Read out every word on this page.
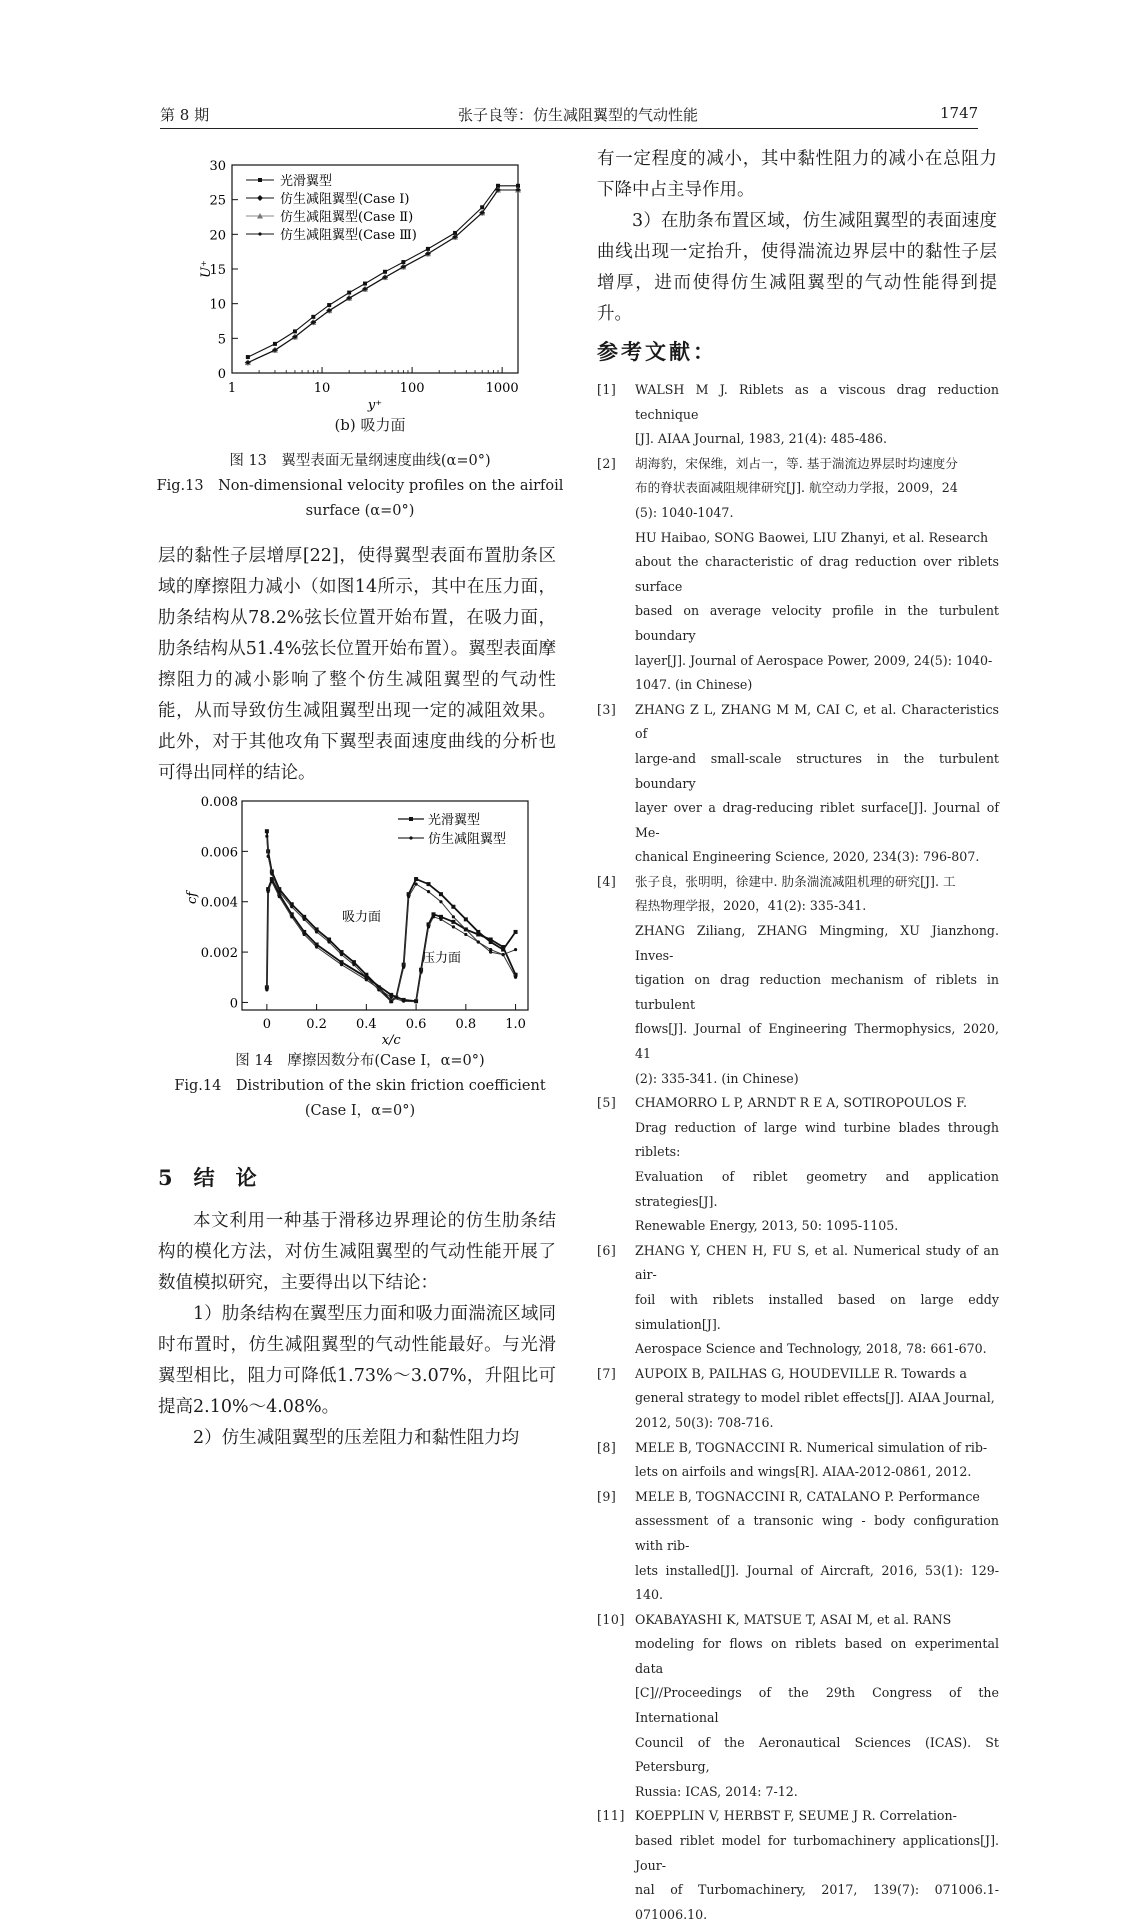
第 8 期	张子良等：仿生减阻翼型的气动性能	1747
1	10	100	1000
0
5
10
15
20
25
30
y⁺
U⁺
光滑翼型
仿生减阻翼型(Case Ⅰ)
仿生减阻翼型(Case Ⅱ)
仿生减阻翼型(Case Ⅲ)
(b) 吸力面
图 13　翼型表面无量纲速度曲线(α=0°)
Fig.13　Non-dimensional velocity profiles on the airfoil
surface (α=0°)

层的黏性子层增厚[22]，使得翼型表面布置肋条区域的摩擦阻力减小（如图14所示，其中在压力面，肋条结构从78.2%弦长位置开始布置，在吸力面，肋条结构从51.4%弦长位置开始布置）。翼型表面摩擦阻力的减小影响了整个仿生减阻翼型的气动性能，从而导致仿生减阻翼型出现一定的减阻效果。此外，对于其他攻角下翼型表面速度曲线的分析也可得出同样的结论。

0	0.2 0.4 0.6 0.8 1.0
0
0.002
0.004
0.006
0.008
x/c
cf
光滑翼型
仿生减阻翼型
吸力面
压力面
图 14　摩擦因数分布(Case Ⅰ，α=0°)
Fig.14　Distribution of the skin friction coefficient
(Case Ⅰ，α=0°)
5　结　论

本文利用一种基于滑移边界理论的仿生肋条结构的模化方法，对仿生减阻翼型的气动性能开展了数值模拟研究，主要得出以下结论：

1）肋条结构在翼型压力面和吸力面湍流区域同时布置时，仿生减阻翼型的气动性能最好。与光滑翼型相比，阻力可降低1.73%～3.07%，升阻比可提高2.10%～4.08%。

2）仿生减阻翼型的压差阻力和黏性阻力均

有一定程度的减小，其中黏性阻力的减小在总阻力下降中占主导作用。

3）在肋条布置区域，仿生减阻翼型的表面速度曲线出现一定抬升，使得湍流边界层中的黏性子层增厚，进而使得仿生减阻翼型的气动性能得到提升。

参考文献：
[1]	WALSH M J. Riblets as a viscous drag reduction technique
[J]. AIAA Journal, 1983, 21(4): 485-486.
[2]	胡海豹，宋保维，刘占一，等. 基于湍流边界层时均速度分
布的脊状表面减阻规律研究[J]. 航空动力学报，2009，24
(5): 1040-1047.
HU Haibao, SONG Baowei, LIU Zhanyi, et al. Research
about the characteristic of drag reduction over riblets surface
based on average velocity profile in the turbulent boundary
layer[J]. Journal of Aerospace Power, 2009, 24(5): 1040-
1047. (in Chinese)
[3]	ZHANG Z L, ZHANG M M, CAI C, et al. Characteristics of
large-and small-scale structures in the turbulent boundary
layer over a drag-reducing riblet surface[J]. Journal of Me-
chanical Engineering Science, 2020, 234(3): 796-807.
[4]	张子良，张明明，徐建中. 肋条湍流减阻机理的研究[J]. 工
程热物理学报，2020，41(2): 335-341.
ZHANG Ziliang, ZHANG Mingming, XU Jianzhong. Inves-
tigation on drag reduction mechanism of riblets in turbulent
flows[J]. Journal of Engineering Thermophysics, 2020, 41
(2): 335-341. (in Chinese)
[5]	CHAMORRO L P, ARNDT R E A, SOTIROPOULOS F.
Drag reduction of large wind turbine blades through riblets:
Evaluation of riblet geometry and application strategies[J].
Renewable Energy, 2013, 50: 1095-1105.
[6]	ZHANG Y, CHEN H, FU S, et al. Numerical study of an air-
foil with riblets installed based on large eddy simulation[J].
Aerospace Science and Technology, 2018, 78: 661-670.
[7]	AUPOIX B, PAILHAS G, HOUDEVILLE R. Towards a
general strategy to model riblet effects[J]. AIAA Journal,
2012, 50(3): 708-716.
[8]	MELE B, TOGNACCINI R. Numerical simulation of rib-
lets on airfoils and wings[R]. AIAA-2012-0861, 2012.
[9]	MELE B, TOGNACCINI R, CATALANO P. Performance
assessment of a transonic wing - body configuration with rib-
lets installed[J]. Journal of Aircraft, 2016, 53(1): 129-140.
[10] OKABAYASHI K, MATSUE T, ASAI M, et al. RANS
modeling for flows on riblets based on experimental data
[C]//Proceedings of the 29th Congress of the International
Council of the Aeronautical Sciences (ICAS). St Petersburg,
Russia: ICAS, 2014: 7-12.
[11] KOEPPLIN V, HERBST F, SEUME J R. Correlation-
based riblet model for turbomachinery applications[J]. Jour-
nal of Turbomachinery, 2017, 139(7): 071006.1-071006.10.
